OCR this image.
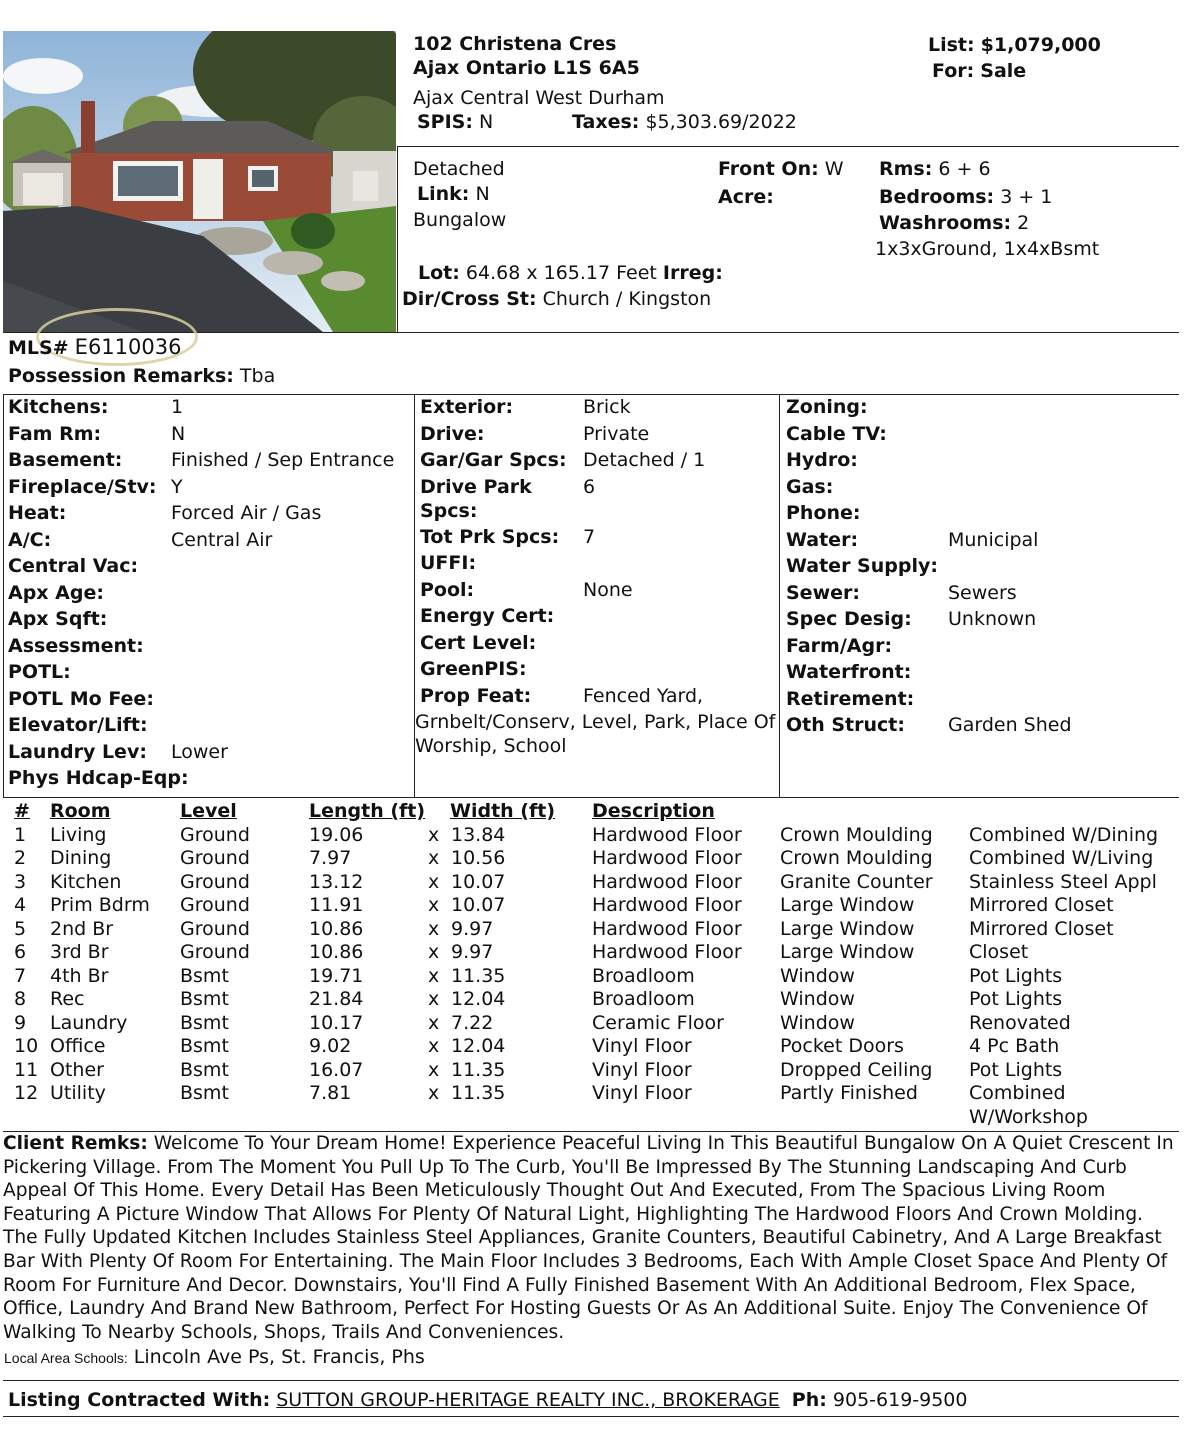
102 Christena Cres
Ajax Ontario L1S 6A5
Ajax Central West Durham
SPIS: N	Taxes: $5,303.69/2022
List: $1,079,000
For: Sale
Detached
Link: N
Bungalow
Front On: W
Acre:
Rms: 6 + 6
Bedrooms: 3 + 1
Washrooms: 2
1x3xGround, 1x4xBsmt
Lot: 64.68 x 165.17 Feet Irreg:
Dir/Cross St: Church / Kingston
MLS# E6110036
Possession Remarks: Tba
Kitchens:	1
Fam Rm:	N
Basement:	Finished / Sep Entrance
Fireplace/Stv: Y
Heat:	Forced Air / Gas
A/C:	Central Air
Central Vac:
Apx Age:
Apx Sqft:
Assessment:
POTL:
POTL Mo Fee:
Elevator/Lift:
Laundry Lev: Lower
Phys Hdcap-Eqp:
Exterior:	Brick
Drive:	Private
Gar/Gar Spcs: Detached / 1
Drive Park
Spcs:
6
Tot Prk Spcs: 7
UFFI:
Pool:	None
Energy Cert:
Cert Level:
GreenPIS:
Prop Feat:	Fenced Yard,
Grnbelt/Conserv, Level, Park, Place Of
Worship, School
Zoning:
Cable TV:
Hydro:
Gas:
Phone:
Water:	Municipal
Water Supply:
Sewer:	Sewers
Spec Desig: Unknown
Farm/Agr:
Waterfront:
Retirement:
Oth Struct: Garden Shed
# Room	Level	Length (ft) Width (ft) Description
1 Living	Ground	19.06	x 13.84	Hardwood Floor Crown Moulding Combined W/Dining
2 Dining	Ground	7.97	x 10.56	Hardwood Floor Crown Moulding Combined W/Living
3 Kitchen	Ground	13.12	x 10.07	Hardwood Floor Granite Counter Stainless Steel Appl
4 Prim Bdrm Ground	11.91	x 10.07	Hardwood Floor Large Window	Mirrored Closet
5 2nd Br	Ground	10.86	x 9.97	Hardwood Floor Large Window	Mirrored Closet
6 3rd Br	Ground	10.86	x 9.97	Hardwood Floor Large Window	Closet
7 4th Br	Bsmt	19.71	x 11.35	Broadloom	Window	Pot Lights
8 Rec	Bsmt	21.84	x 12.04	Broadloom	Window	Pot Lights
9 Laundry	Bsmt	10.17	x 7.22	Ceramic Floor	Window	Renovated
10 Office	Bsmt	9.02	x 12.04	Vinyl Floor	Pocket Doors	4 Pc Bath
11 Other	Bsmt	16.07	x 11.35	Vinyl Floor	Dropped Ceiling Pot Lights
12 Utility	Bsmt	7.81	x 11.35	Vinyl Floor	Partly Finished	Combined
W/Workshop
Client Remks: Welcome To Your Dream Home! Experience Peaceful Living In This Beautiful Bungalow On A Quiet Crescent In Pickering Village. From The Moment You Pull Up To The Curb, You'll Be Impressed By The Stunning Landscaping And Curb Appeal Of This Home. Every Detail Has Been Meticulously Thought Out And Executed, From The Spacious Living Room Featuring A Picture Window That Allows For Plenty Of Natural Light, Highlighting The Hardwood Floors And Crown Molding. The Fully Updated Kitchen Includes Stainless Steel Appliances, Granite Counters, Beautiful Cabinetry, And A Large Breakfast Bar With Plenty Of Room For Entertaining. The Main Floor Includes 3 Bedrooms, Each With Ample Closet Space And Plenty Of Room For Furniture And Decor. Downstairs, You'll Find A Fully Finished Basement With An Additional Bedroom, Flex Space, Office, Laundry And Brand New Bathroom, Perfect For Hosting Guests Or As An Additional Suite. Enjoy The Convenience Of Walking To Nearby Schools, Shops, Trails And Conveniences.
Local Area Schools: Lincoln Ave Ps, St. Francis, Phs
Listing Contracted With: SUTTON GROUP-HERITAGE REALTY INC., BROKERAGE Ph: 905-619-9500
